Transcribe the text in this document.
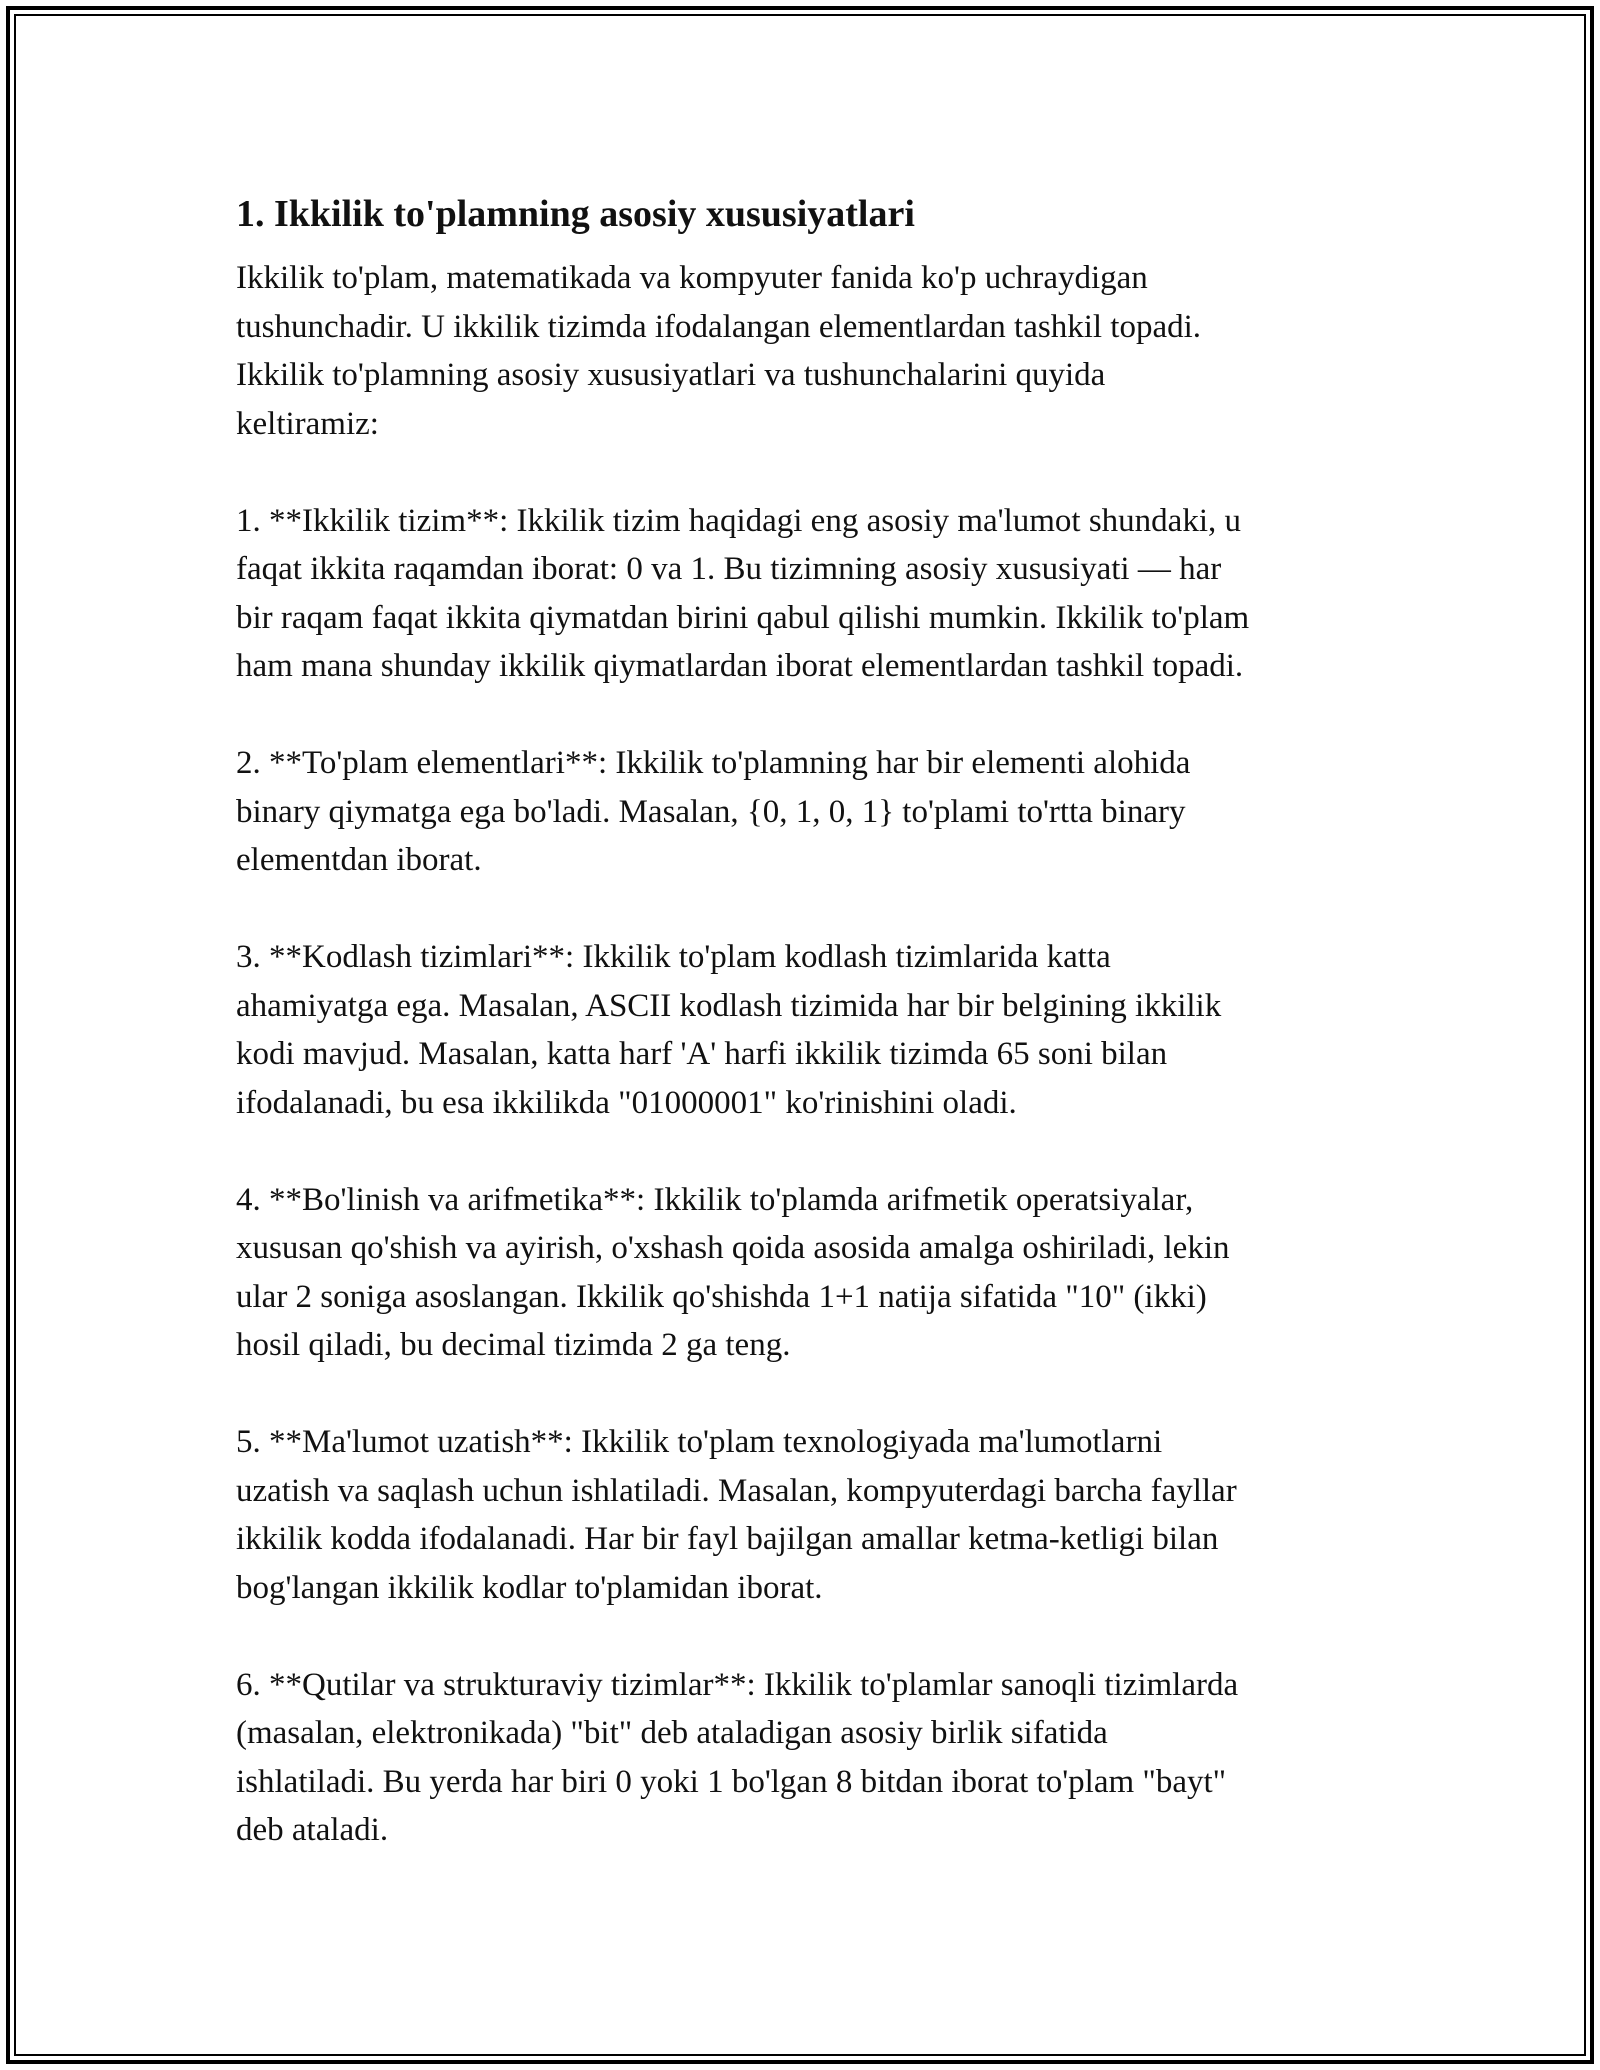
1. Ikkilik to'plamning asosiy xususiyatlari

Ikkilik to'plam, matematikada va kompyuter fanida ko'p uchraydigan
tushunchadir. U ikkilik tizimda ifodalangan elementlardan tashkil topadi.
Ikkilik to'plamning asosiy xususiyatlari va tushunchalarini quyida
keltiramiz:

1. **Ikkilik tizim**: Ikkilik tizim haqidagi eng asosiy ma'lumot shundaki, u
faqat ikkita raqamdan iborat: 0 va 1. Bu tizimning asosiy xususiyati — har
bir raqam faqat ikkita qiymatdan birini qabul qilishi mumkin. Ikkilik to'plam
ham mana shunday ikkilik qiymatlardan iborat elementlardan tashkil topadi.

2. **To'plam elementlari**: Ikkilik to'plamning har bir elementi alohida
binary qiymatga ega bo'ladi. Masalan, {0, 1, 0, 1} to'plami to'rtta binary
elementdan iborat.

3. **Kodlash tizimlari**: Ikkilik to'plam kodlash tizimlarida katta
ahamiyatga ega. Masalan, ASCII kodlash tizimida har bir belgining ikkilik
kodi mavjud. Masalan, katta harf 'A' harfi ikkilik tizimda 65 soni bilan
ifodalanadi, bu esa ikkilikda "01000001" ko'rinishini oladi.

4. **Bo'linish va arifmetika**: Ikkilik to'plamda arifmetik operatsiyalar,
xususan qo'shish va ayirish, o'xshash qoida asosida amalga oshiriladi, lekin
ular 2 soniga asoslangan. Ikkilik qo'shishda 1+1 natija sifatida "10" (ikki)
hosil qiladi, bu decimal tizimda 2 ga teng.

5. **Ma'lumot uzatish**: Ikkilik to'plam texnologiyada ma'lumotlarni
uzatish va saqlash uchun ishlatiladi. Masalan, kompyuterdagi barcha fayllar
ikkilik kodda ifodalanadi. Har bir fayl bajilgan amallar ketma-ketligi bilan
bog'langan ikkilik kodlar to'plamidan iborat.

6. **Qutilar va strukturaviy tizimlar**: Ikkilik to'plamlar sanoqli tizimlarda
(masalan, elektronikada) "bit" deb ataladigan asosiy birlik sifatida
ishlatiladi. Bu yerda har biri 0 yoki 1 bo'lgan 8 bitdan iborat to'plam "bayt"
deb ataladi.
